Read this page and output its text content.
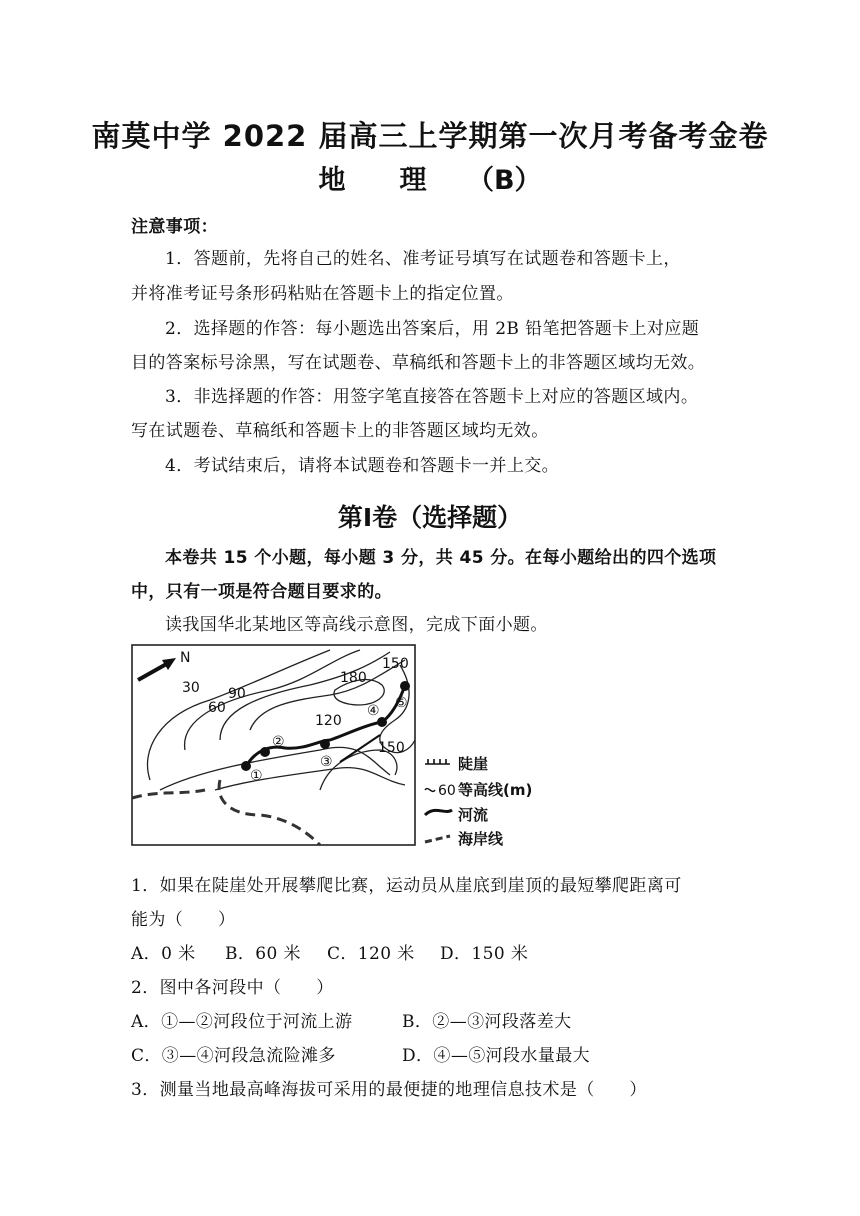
南莫中学 2022 届高三上学期第一次月考备考金卷
地　　理　　（B）
注意事项：
1．答题前，先将自己的姓名、准考证号填写在试题卷和答题卡上，
并将准考证号条形码粘贴在答题卡上的指定位置。
2．选择题的作答：每小题选出答案后，用 2B 铅笔把答题卡上对应题
目的答案标号涂黑，写在试题卷、草稿纸和答题卡上的非答题区域均无效。
3．非选择题的作答：用签字笔直接答在答题卡上对应的答题区域内。
写在试题卷、草稿纸和答题卡上的非答题区域均无效。
4．考试结束后，请将本试题卷和答题卡一并上交。
第Ⅰ卷（选择题）
本卷共 15 个小题，每小题 3 分，共 45 分。在每小题给出的四个选项
中，只有一项是符合题目要求的。
读我国华北某地区等高线示意图，完成下面小题。
N
30
60
90
120
150
180
150
①
②
③
④ ⑤
陡崖
60 等高线(m)
河流
海岸线
1．如果在陡崖处开展攀爬比赛，运动员从崖底到崖顶的最短攀爬距离可
能为（　　）
A．0 米 B．60 米 C．120 米 D．150 米
2．图中各河段中（　　）
A．①—②河段位于河流上游	B．②—③河段落差大
C．③—④河段急流险滩多	D．④—⑤河段水量最大
3．测量当地最高峰海拔可采用的最便捷的地理信息技术是（　　）
